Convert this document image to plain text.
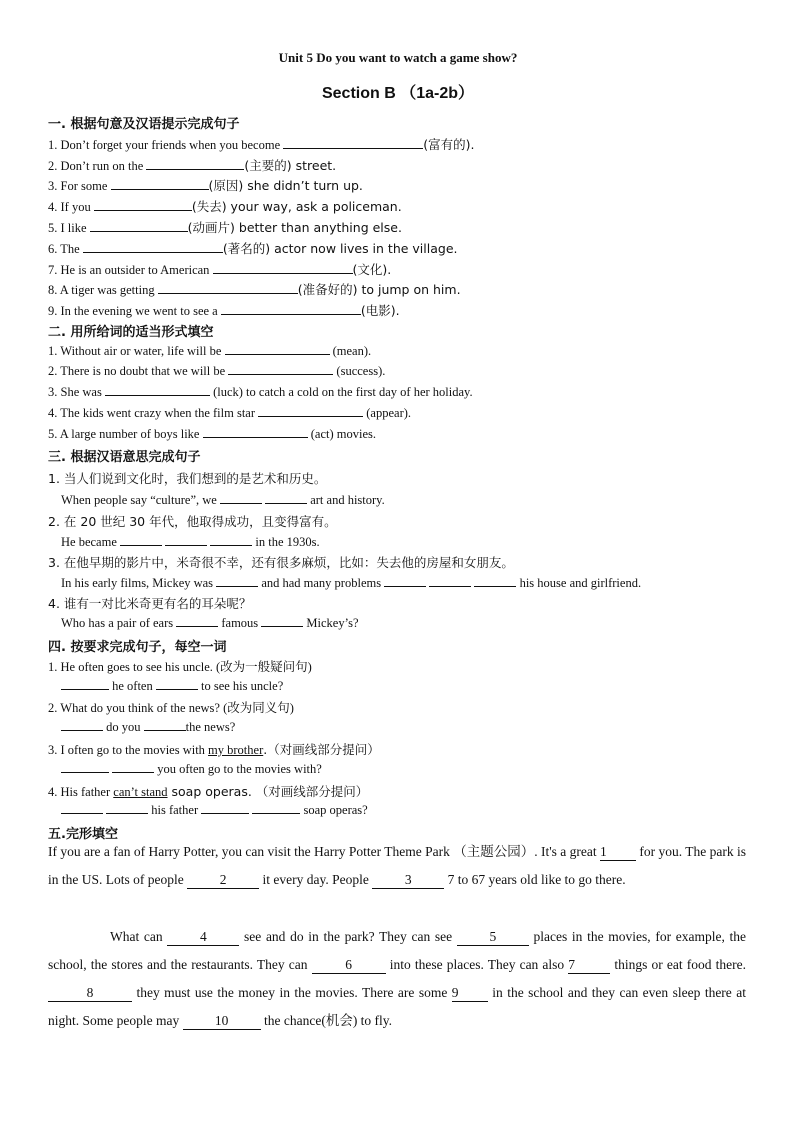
Unit 5 Do you want to watch a game show?
Section B （1a-2b）
一. 根据句意及汉语提示完成句子
1. Don’t forget your friends when you become	(富有的).
2. Don’t run on the	(主要的) street.
3. For some	(原因) she didn’t turn up.
4. If you	(失去) your way, ask a policeman.
5. I like	(动画片) better than anything else.
6. The	(著名的) actor now lives in the village.
7. He is an outsider to American	(文化).
8. A tiger was getting	(准备好的) to jump on him.
9. In the evening we went to see a	(电影).
二. 用所给词的适当形式填空
1. Without air or water, life will be	(mean).
2. There is no doubt that we will be	(success).
3. She was	(luck) to catch a cold on the first day of her holiday.
4. The kids went crazy when the film star	(appear).
5. A large number of boys like	(act) movies.
三. 根据汉语意思完成句子
1. 当人们说到文化时，我们想到的是艺术和历史。
When people say “culture”, we	art and history.
2. 在 20 世纪 30 年代，他取得成功，且变得富有。
He became	in the 1930s.
3. 在他早期的影片中，米奇很不幸，还有很多麻烦，比如：失去他的房屋和女朋友。
In his early films, Mickey was	and had many problems	his house and girlfriend.
4. 谁有一对比米奇更有名的耳朵呢？
Who has a pair of ears	famous	Mickey’s?
四. 按要求完成句子，每空一词
1. He often goes to see his uncle. (改为一般疑问句)
he often	to see his uncle?
2. What do you think of the news? (改为同义句)
do you	the news?
3. I often go to the movies with my brother.（对画线部分提问）
you often go to the movies with?
4. His father can’t stand soap operas. （对画线部分提问）
his father	soap operas?
五.完形填空
If you are a fan of Harry Potter, you can visit the Harry Potter Theme Park （主题公园）. It's a great 1 for you. The park is in the US. Lots of people 2 it every day. People 3 7 to 67 years old like to go there.
What can 4 see and do in the park? They can see 5 places in the movies, for example, the school, the stores and the restaurants. They can 6 into these places. They can also 7	things or eat food there. 8	they must use the money in the movies. There are some 9 in the school and they can even sleep there at night. Some people may 10 the chance(机会) to fly.
